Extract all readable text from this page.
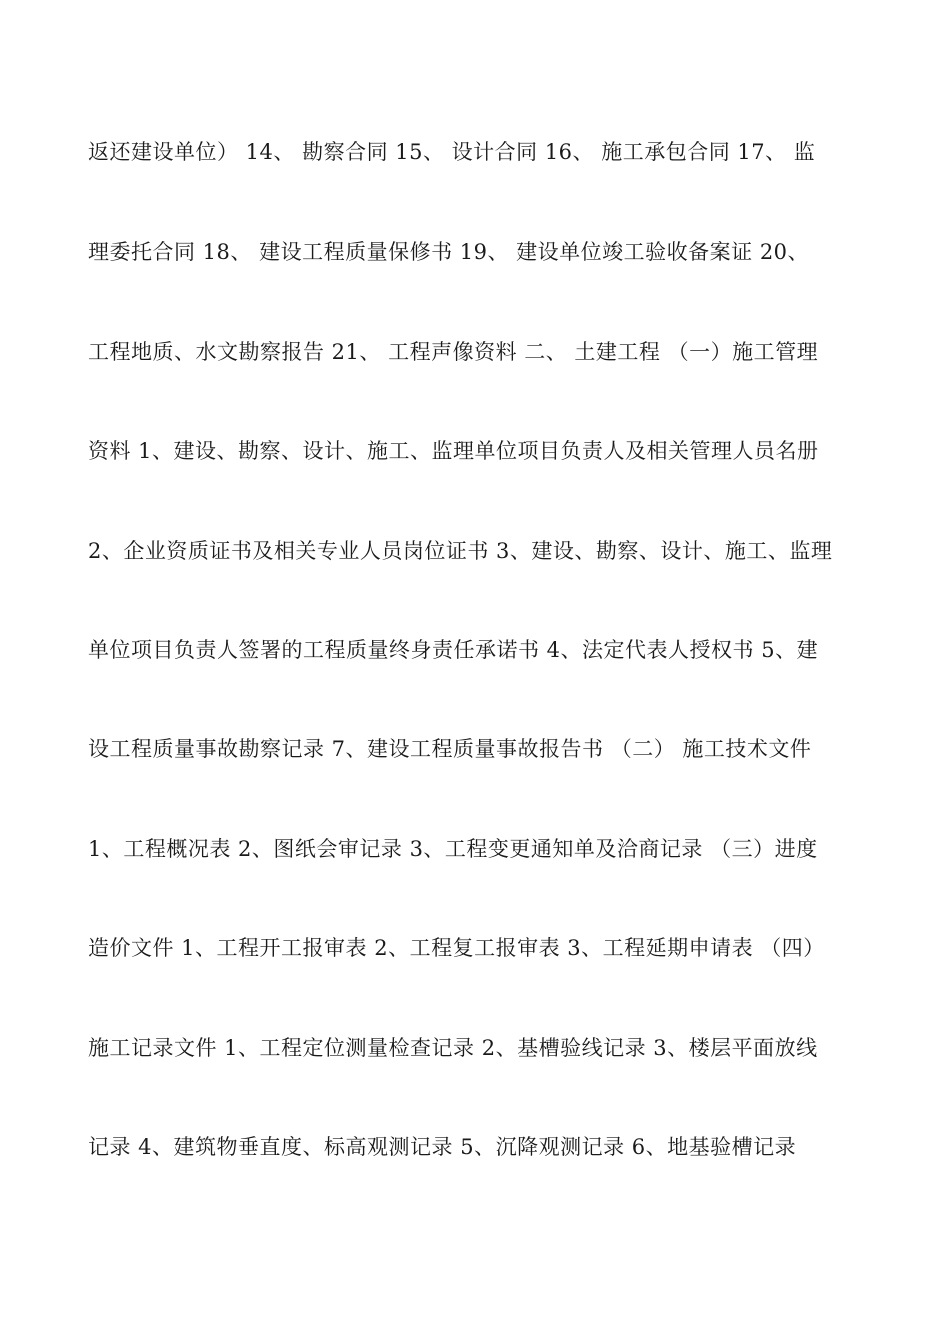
返还建设单位） 14、 勘察合同 15、 设计合同 16、 施工承包合同 17、 监
理委托合同 18、 建设工程质量保修书 19、 建设单位竣工验收备案证 20、
工程地质、水文勘察报告 21、 工程声像资料 二、 土建工程 （一）施工管理
资料 1、建设、勘察、设计、施工、监理单位项目负责人及相关管理人员名册
2、企业资质证书及相关专业人员岗位证书 3、建设、勘察、设计、施工、监理
单位项目负责人签署的工程质量终身责任承诺书 4、法定代表人授权书 5、建
设工程质量事故勘察记录 7、建设工程质量事故报告书 （二） 施工技术文件
1、工程概况表 2、图纸会审记录 3、工程变更通知单及洽商记录 （三）进度
造价文件 1、工程开工报审表 2、工程复工报审表 3、工程延期申请表 （四）
施工记录文件 1、工程定位测量检查记录 2、基槽验线记录 3、楼层平面放线
记录 4、建筑物垂直度、标高观测记录 5、沉降观测记录 6、地基验槽记录
